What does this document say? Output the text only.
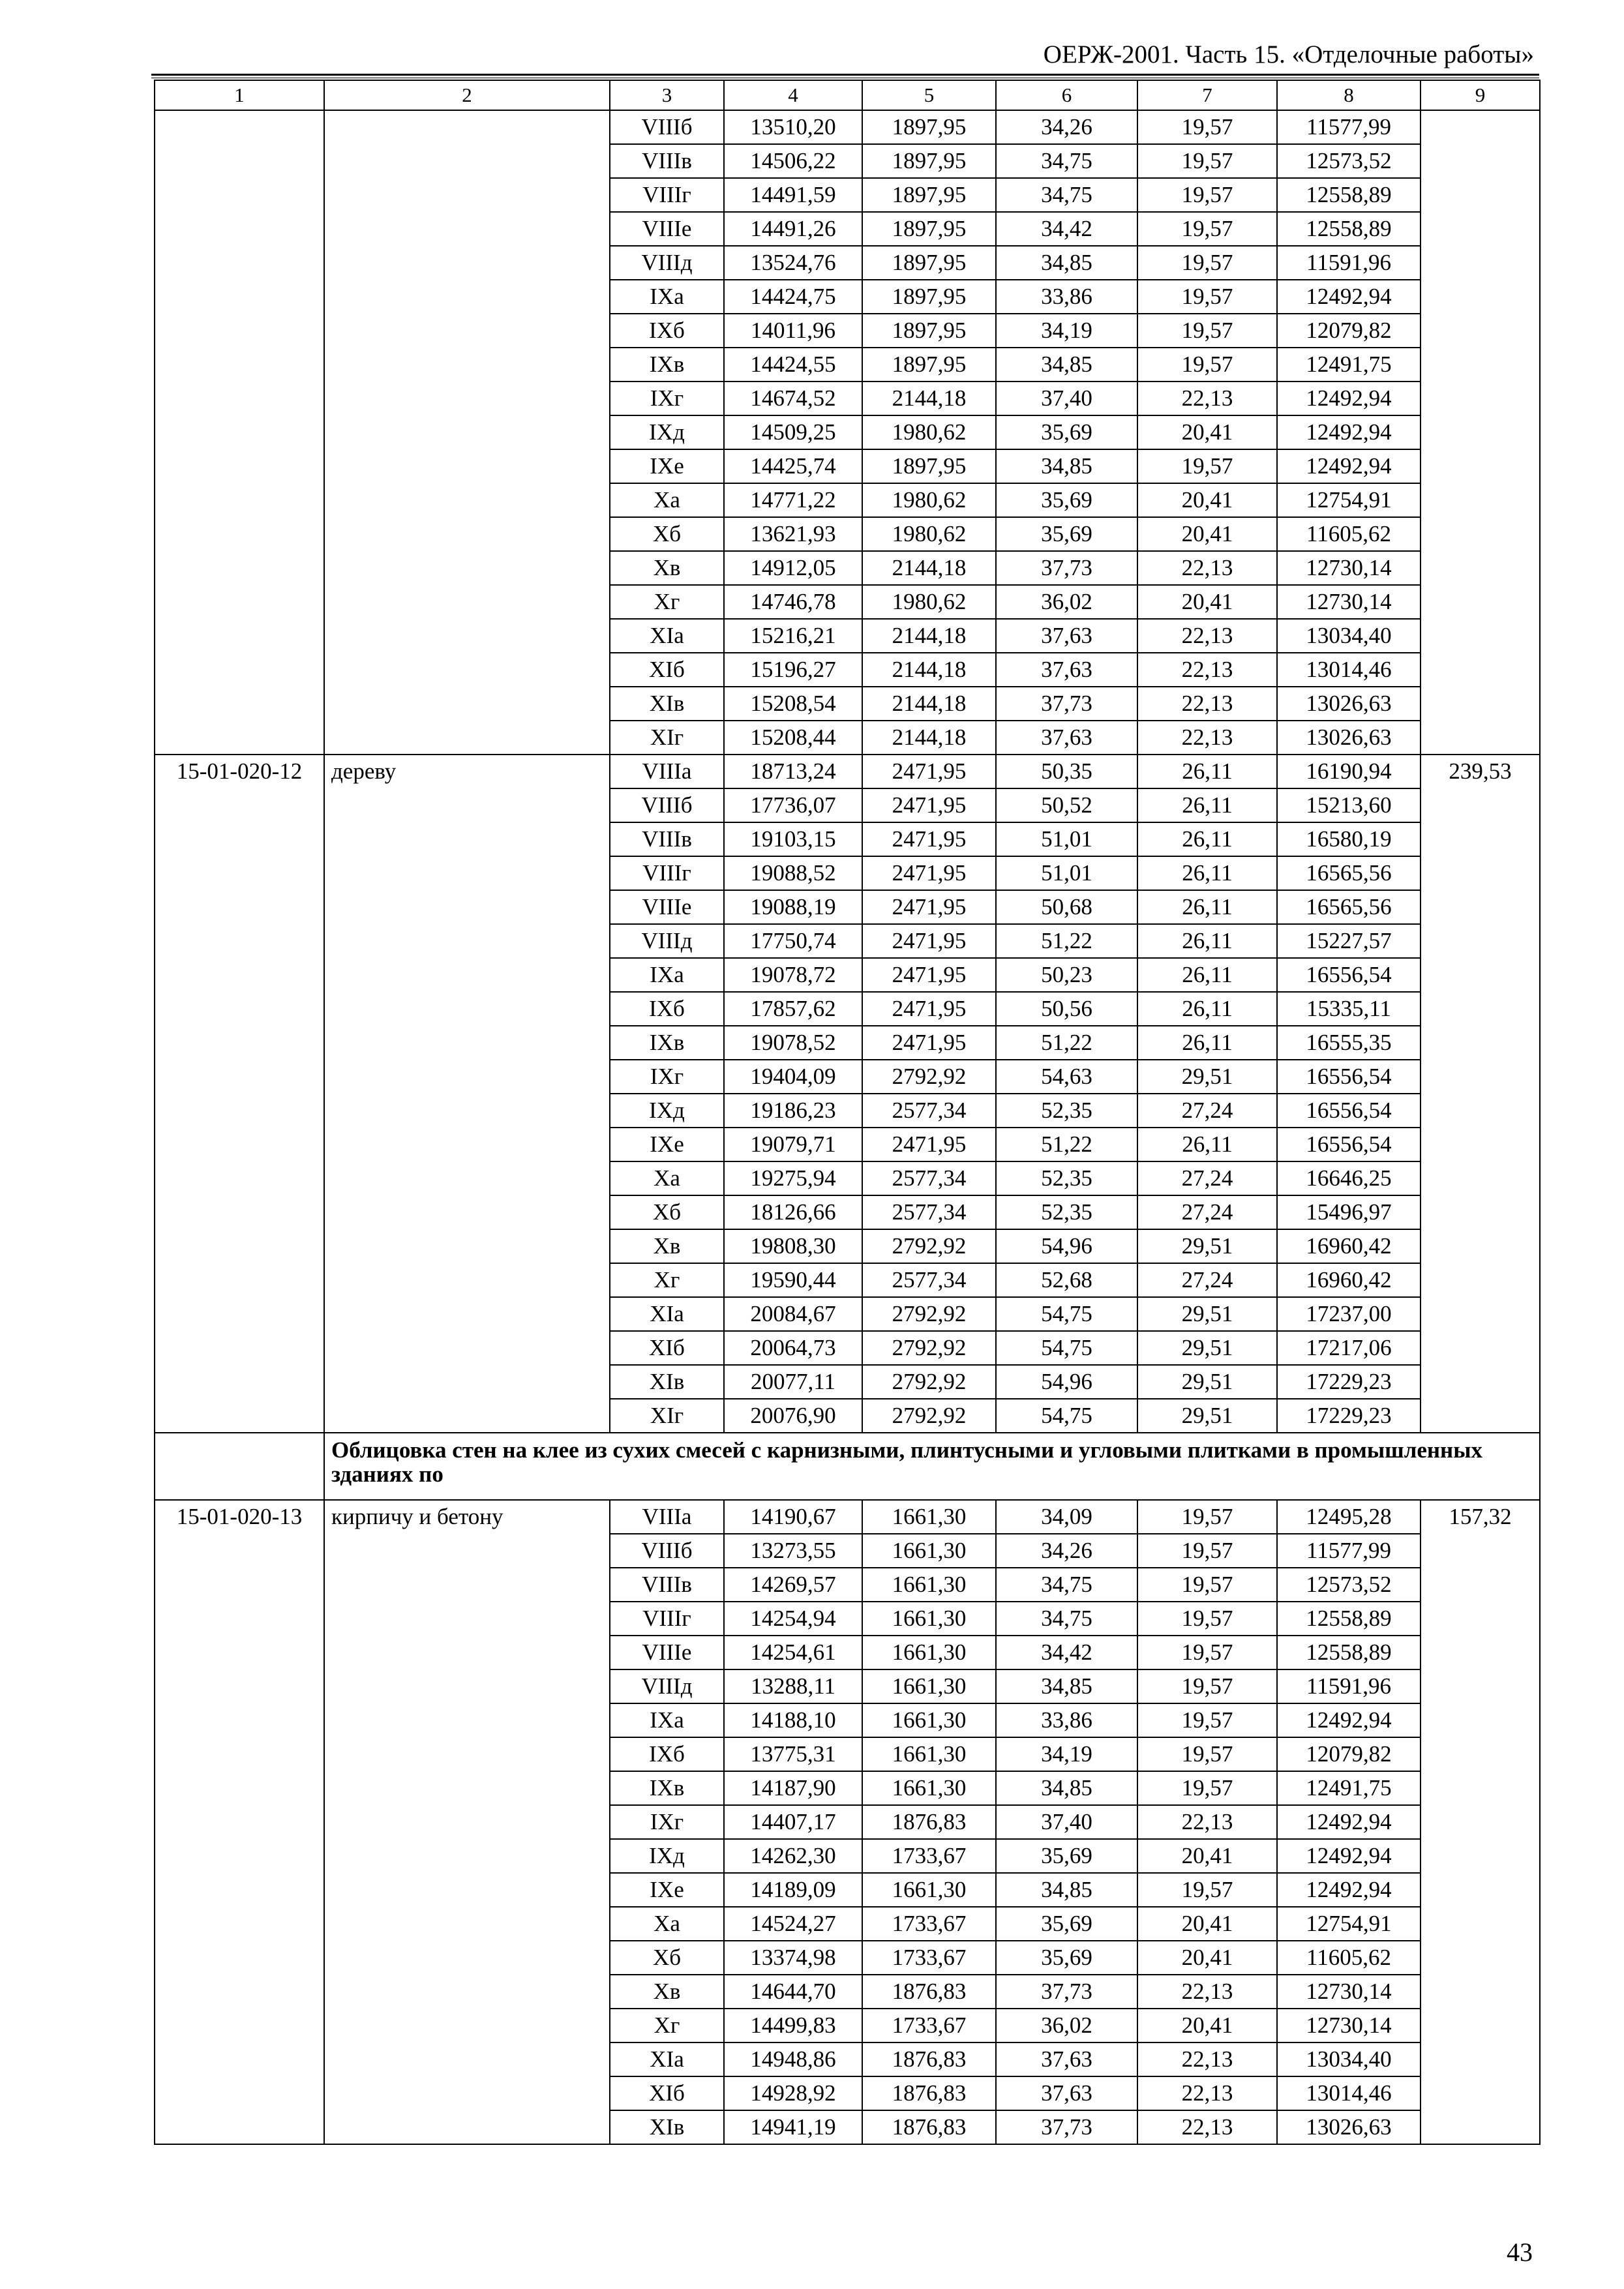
ОЕРЖ-2001. Часть 15. «Отделочные работы»
1	2	3	4	5	6	7	8	9
		VIIIб	13510,20	1897,95	34,26	19,57	11577,99	
		VIIIв	14506,22	1897,95	34,75	19,57	12573,52	
		VIIIг	14491,59	1897,95	34,75	19,57	12558,89	
		VIIIе	14491,26	1897,95	34,42	19,57	12558,89	
		VIIIд	13524,76	1897,95	34,85	19,57	11591,96	
		IXа	14424,75	1897,95	33,86	19,57	12492,94	
		IXб	14011,96	1897,95	34,19	19,57	12079,82	
		IXв	14424,55	1897,95	34,85	19,57	12491,75	
		IXг	14674,52	2144,18	37,40	22,13	12492,94	
		IXд	14509,25	1980,62	35,69	20,41	12492,94	
		IXе	14425,74	1897,95	34,85	19,57	12492,94	
		Xа	14771,22	1980,62	35,69	20,41	12754,91	
		Xб	13621,93	1980,62	35,69	20,41	11605,62	
		Xв	14912,05	2144,18	37,73	22,13	12730,14	
		Xг	14746,78	1980,62	36,02	20,41	12730,14	
		XIа	15216,21	2144,18	37,63	22,13	13034,40	
		XIб	15196,27	2144,18	37,63	22,13	13014,46	
		XIв	15208,54	2144,18	37,73	22,13	13026,63	
		XIг	15208,44	2144,18	37,63	22,13	13026,63	
15-01-020-12	дереву	VIIIа	18713,24	2471,95	50,35	26,11	16190,94	239,53
		VIIIб	17736,07	2471,95	50,52	26,11	15213,60	
		VIIIв	19103,15	2471,95	51,01	26,11	16580,19	
		VIIIг	19088,52	2471,95	51,01	26,11	16565,56	
		VIIIе	19088,19	2471,95	50,68	26,11	16565,56	
		VIIIд	17750,74	2471,95	51,22	26,11	15227,57	
		IXа	19078,72	2471,95	50,23	26,11	16556,54	
		IXб	17857,62	2471,95	50,56	26,11	15335,11	
		IXв	19078,52	2471,95	51,22	26,11	16555,35	
		IXг	19404,09	2792,92	54,63	29,51	16556,54	
		IXд	19186,23	2577,34	52,35	27,24	16556,54	
		IXе	19079,71	2471,95	51,22	26,11	16556,54	
		Xа	19275,94	2577,34	52,35	27,24	16646,25	
		Xб	18126,66	2577,34	52,35	27,24	15496,97	
		Xв	19808,30	2792,92	54,96	29,51	16960,42	
		Xг	19590,44	2577,34	52,68	27,24	16960,42	
		XIа	20084,67	2792,92	54,75	29,51	17237,00	
		XIб	20064,73	2792,92	54,75	29,51	17217,06	
		XIв	20077,11	2792,92	54,96	29,51	17229,23	
		XIг	20076,90	2792,92	54,75	29,51	17229,23	
	Облицовка стен на клее из сухих смесей с карнизными, плинтусными и угловыми плитками в промышленных зданиях по							
15-01-020-13	кирпичу и бетону	VIIIа	14190,67	1661,30	34,09	19,57	12495,28	157,32
		VIIIб	13273,55	1661,30	34,26	19,57	11577,99	
		VIIIв	14269,57	1661,30	34,75	19,57	12573,52	
		VIIIг	14254,94	1661,30	34,75	19,57	12558,89	
		VIIIе	14254,61	1661,30	34,42	19,57	12558,89	
		VIIIд	13288,11	1661,30	34,85	19,57	11591,96	
		IXа	14188,10	1661,30	33,86	19,57	12492,94	
		IXб	13775,31	1661,30	34,19	19,57	12079,82	
		IXв	14187,90	1661,30	34,85	19,57	12491,75	
		IXг	14407,17	1876,83	37,40	22,13	12492,94	
		IXд	14262,30	1733,67	35,69	20,41	12492,94	
		IXе	14189,09	1661,30	34,85	19,57	12492,94	
		Xа	14524,27	1733,67	35,69	20,41	12754,91	
		Xб	13374,98	1733,67	35,69	20,41	11605,62	
		Xв	14644,70	1876,83	37,73	22,13	12730,14	
		Xг	14499,83	1733,67	36,02	20,41	12730,14	
		XIа	14948,86	1876,83	37,63	22,13	13034,40	
		XIб	14928,92	1876,83	37,63	22,13	13014,46	
		XIв	14941,19	1876,83	37,73	22,13	13026,63	
43
